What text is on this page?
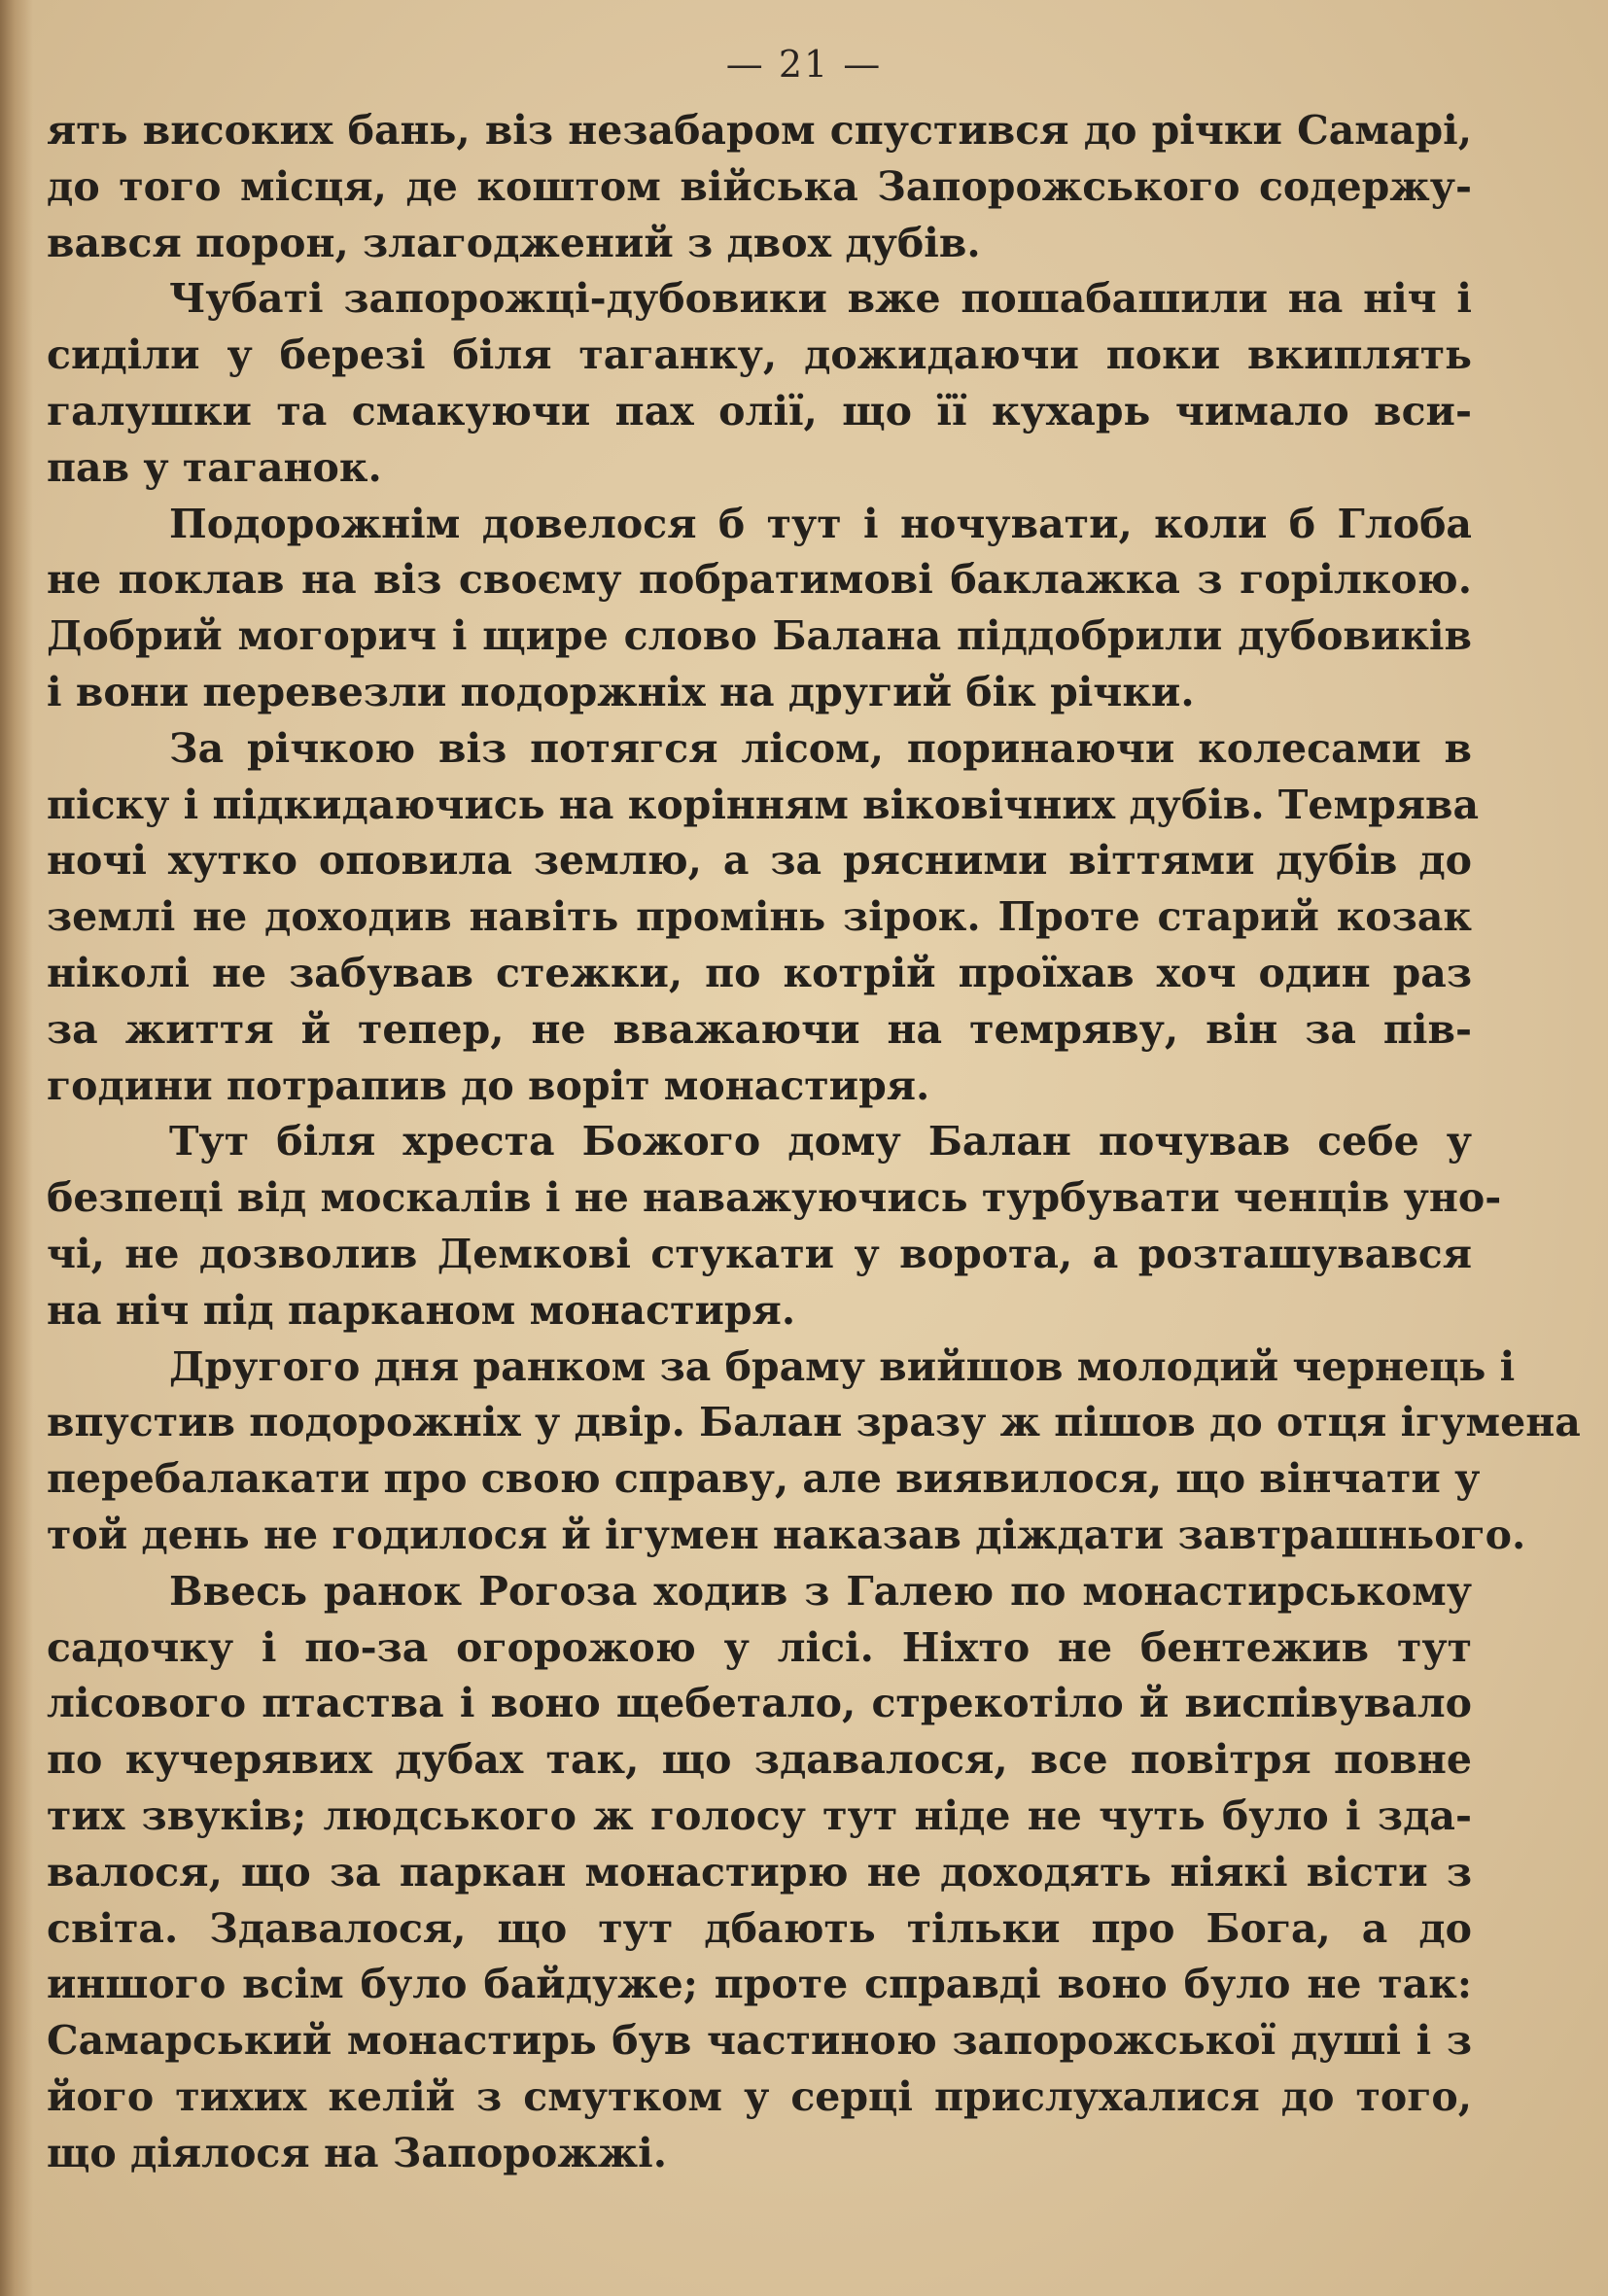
— 21 —
ять високих бань, віз незабаром спустився до річки Самарі,
до того місця, де коштом війська Запорожського содержу-
вався порон, злагоджений з двох дубів.
Чубаті запорожці-дубовики вже пошабашили на ніч і
сиділи у березі біля таганку, дожидаючи поки вкиплять
галушки та смакуючи пах олії, що її кухарь чимало вси-
пав у таганок.
Подорожнім довелося б тут і ночувати, коли б Глоба
не поклав на віз своєму побратимові баклажка з горілкою.
Добрий могорич і щире слово Балана піддобрили дубовиків
і вони перевезли подоржніх на другий бік річки.
За річкою віз потягся лісом, поринаючи колесами в
піску і підкидаючись на корінням віковічних дубів. Темрява
ночі хутко оповила землю, а за рясними віттями дубів до
землі не доходив навіть промінь зірок. Проте старий козак
ніколі не забував стежки, по котрій проїхав хоч один раз
за життя й тепер, не вважаючи на темряву, він за пів-
години потрапив до воріт монастиря.
Тут біля хреста Божого дому Балан почував себе у
безпеці від москалів і не наважуючись турбувати ченців уно-
чі, не дозволив Демкові стукати у ворота, а розташувався
на ніч під парканом монастиря.
Другого дня ранком за браму вийшов молодий чернець і
впустив подорожніх у двір. Балан зразу ж пішов до отця ігумена
перебалакати про свою справу, але виявилося, що вінчати у
той день не годилося й ігумен наказав діждати завтрашнього.
Ввесь ранок Рогоза ходив з Галею по монастирському
садочку і по-за огорожою у лісі. Ніхто не бентежив тут
лісового птаства і воно щебетало, стрекотіло й виспівувало
по кучерявих дубах так, що здавалося, все повітря повне
тих звуків; людського ж голосу тут ніде не чуть було і зда-
валося, що за паркан монастирю не доходять ніякі вісти з
світа. Здавалося, що тут дбають тільки про Бога, а до
иншого всім було байдуже; проте справді воно було не так:
Самарський монастирь був частиною запорожської душі і з
його тихих келій з смутком у серці прислухалися до того,
що діялося на Запорожжі.
